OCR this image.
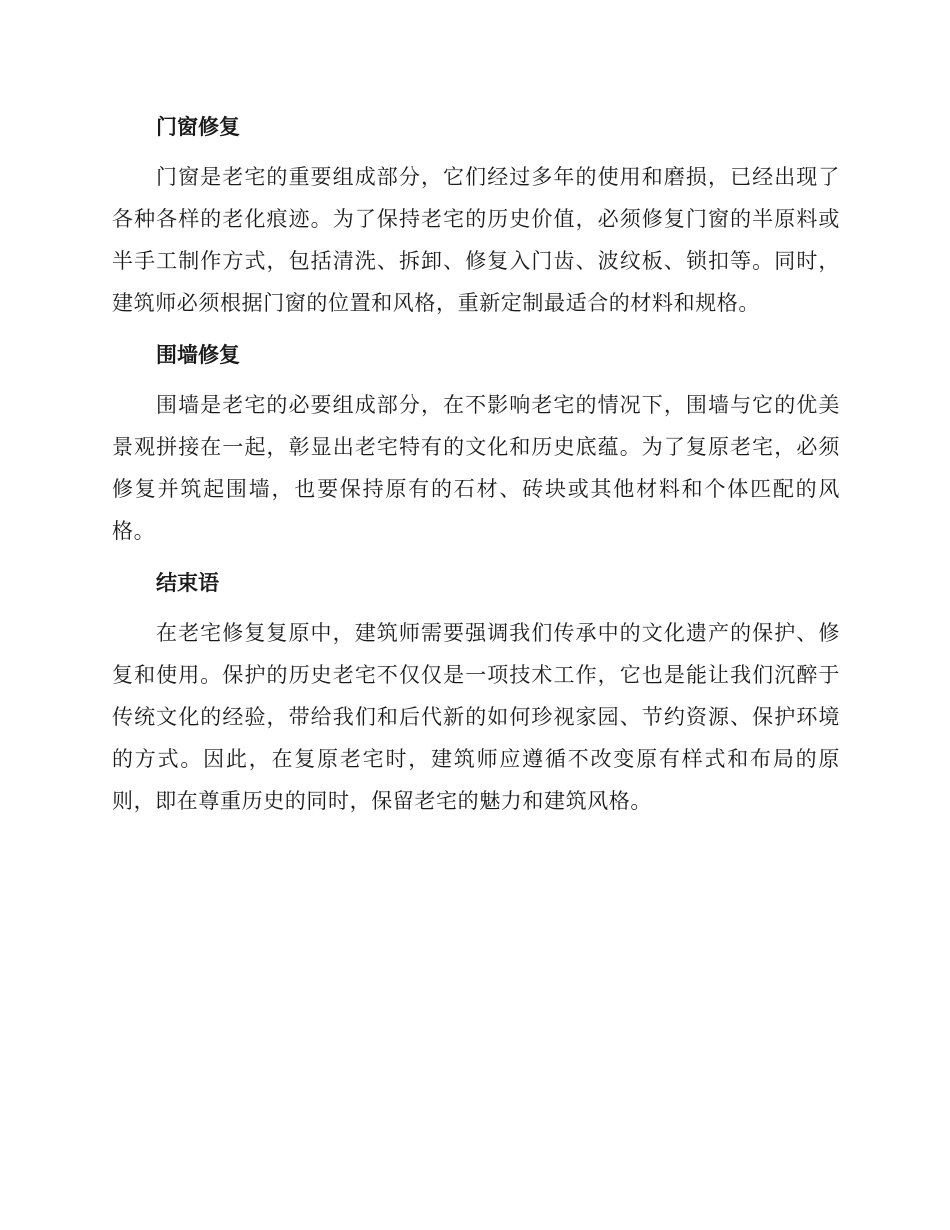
门窗修复

门窗是老宅的重要组成部分，它们经过多年的使用和磨损，已经出现了各种各样的老化痕迹。为了保持老宅的历史价值，必须修复门窗的半原料或半手工制作方式，包括清洗、拆卸、修复入门齿、波纹板、锁扣等。同时，建筑师必须根据门窗的位置和风格，重新定制最适合的材料和规格。

围墙修复

围墙是老宅的必要组成部分，在不影响老宅的情况下，围墙与它的优美景观拼接在一起，彰显出老宅特有的文化和历史底蕴。为了复原老宅，必须修复并筑起围墙，也要保持原有的石材、砖块或其他材料和个体匹配的风格。

结束语

在老宅修复复原中，建筑师需要强调我们传承中的文化遗产的保护、修复和使用。保护的历史老宅不仅仅是一项技术工作，它也是能让我们沉醉于传统文化的经验，带给我们和后代新的如何珍视家园、节约资源、保护环境的方式。因此，在复原老宅时，建筑师应遵循不改变原有样式和布局的原则，即在尊重历史的同时，保留老宅的魅力和建筑风格。
